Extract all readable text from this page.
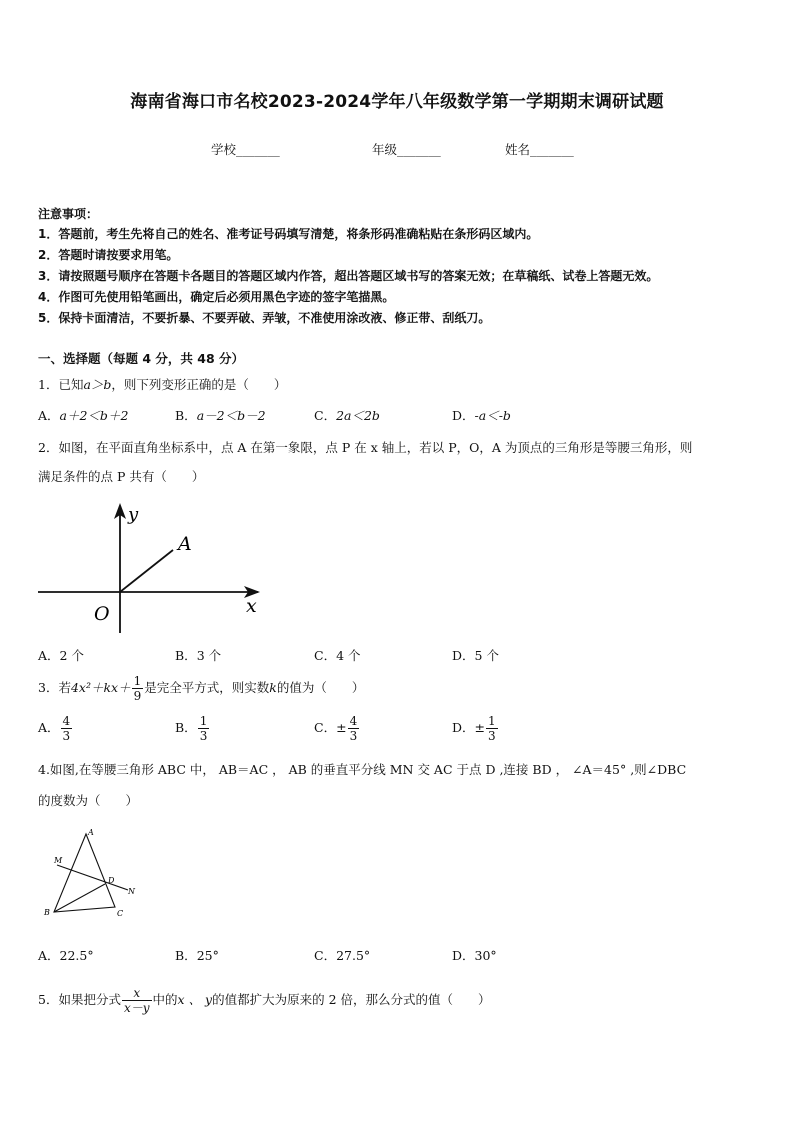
海南省海口市名校2023-2024学年八年级数学第一学期期末调研试题
学校_______	年级_______	姓名_______
注意事项：
1．答题前，考生先将自己的姓名、准考证号码填写清楚，将条形码准确粘贴在条形码区域内。
2．答题时请按要求用笔。
3．请按照题号顺序在答题卡各题目的答题区域内作答，超出答题区域书写的答案无效；在草稿纸、试卷上答题无效。
4．作图可先使用铅笔画出，确定后必须用黑色字迹的签字笔描黑。
5．保持卡面清洁，不要折暴、不要弄破、弄皱，不准使用涂改液、修正带、刮纸刀。
一、选择题（每题 4 分，共 48 分）
1．已知a＞b，则下列变形正确的是（　　）
A．a＋2＜b＋2	B．a－2＜b－2	C．2a＜2b	D．-a＜-b
2．如图，在平面直角坐标系中，点 A 在第一象限，点 P 在 x 轴上，若以 P，O，A 为顶点的三角形是等腰三角形，则
满足条件的点 P 共有（　　）
y
A
O	x
A．2 个	B．3 个	C．4 个	D．5 个
3．若$4x^2+kx+ \frac{1}{9}$ 是完全平方式，则实数k的值为（　　）
A． $\frac{4}{3}$	B． $\frac{1}{3}$	C．± $\frac{4}{3}$	D．± $\frac{1}{3}$
4.如图,在等腰三角形 ABC 中， AB＝AC ， AB 的垂直平分线 MN 交 AC 于点 D ,连接 BD ， ∠A＝45° ,则∠DBC
的度数为（　　）
A
M
D
N
B	C
A．22.5°	B．25°	C．27.5°	D．30°
5．如果把分式 $\frac{x}{x-y}$ 中的x 、 y的值都扩大为原来的 2 倍，那么分式的值（　　）
